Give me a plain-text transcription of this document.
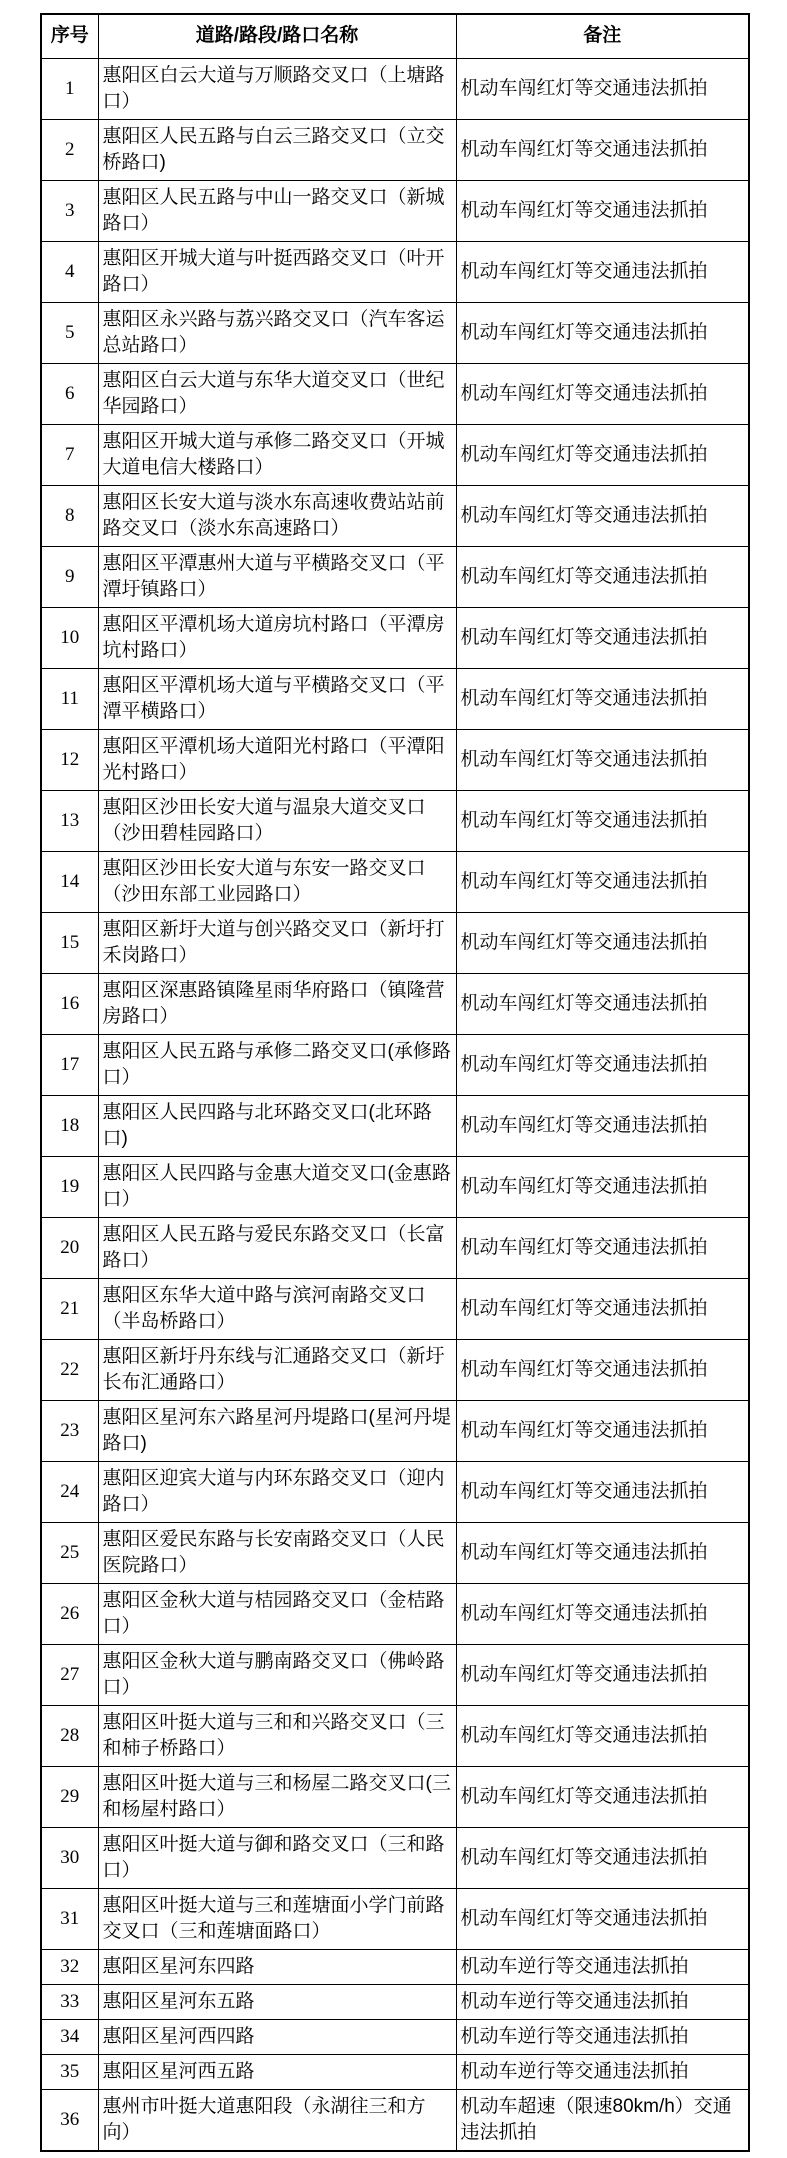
序号	道路/路段/路口名称	备注
1	惠阳区白云大道与万顺路交叉口（上塘路口）	机动车闯红灯等交通违法抓拍
2	惠阳区人民五路与白云三路交叉口（立交桥路口)	机动车闯红灯等交通违法抓拍
3	惠阳区人民五路与中山一路交叉口（新城路口）	机动车闯红灯等交通违法抓拍
4	惠阳区开城大道与叶挺西路交叉口（叶开路口）	机动车闯红灯等交通违法抓拍
5	惠阳区永兴路与荔兴路交叉口（汽车客运总站路口）	机动车闯红灯等交通违法抓拍
6	惠阳区白云大道与东华大道交叉口（世纪华园路口）	机动车闯红灯等交通违法抓拍
7	惠阳区开城大道与承修二路交叉口（开城大道电信大楼路口）	机动车闯红灯等交通违法抓拍
8	惠阳区长安大道与淡水东高速收费站站前路交叉口（淡水东高速路口）	机动车闯红灯等交通违法抓拍
9	惠阳区平潭惠州大道与平横路交叉口（平潭圩镇路口）	机动车闯红灯等交通违法抓拍
10	惠阳区平潭机场大道房坑村路口（平潭房坑村路口）	机动车闯红灯等交通违法抓拍
11	惠阳区平潭机场大道与平横路交叉口（平潭平横路口）	机动车闯红灯等交通违法抓拍
12	惠阳区平潭机场大道阳光村路口（平潭阳光村路口）	机动车闯红灯等交通违法抓拍
13	惠阳区沙田长安大道与温泉大道交叉口（沙田碧桂园路口）	机动车闯红灯等交通违法抓拍
14	惠阳区沙田长安大道与东安一路交叉口（沙田东部工业园路口）	机动车闯红灯等交通违法抓拍
15	惠阳区新圩大道与创兴路交叉口（新圩打禾岗路口）	机动车闯红灯等交通违法抓拍
16	惠阳区深惠路镇隆星雨华府路口（镇隆营房路口）	机动车闯红灯等交通违法抓拍
17	惠阳区人民五路与承修二路交叉口(承修路口）	机动车闯红灯等交通违法抓拍
18	惠阳区人民四路与北环路交叉口(北环路口)	机动车闯红灯等交通违法抓拍
19	惠阳区人民四路与金惠大道交叉口(金惠路口）	机动车闯红灯等交通违法抓拍
20	惠阳区人民五路与爱民东路交叉口（长富路口）	机动车闯红灯等交通违法抓拍
21	惠阳区东华大道中路与滨河南路交叉口（半岛桥路口）	机动车闯红灯等交通违法抓拍
22	惠阳区新圩丹东线与汇通路交叉口（新圩长布汇通路口）	机动车闯红灯等交通违法抓拍
23	惠阳区星河东六路星河丹堤路口(星河丹堤路口)	机动车闯红灯等交通违法抓拍
24	惠阳区迎宾大道与内环东路交叉口（迎内路口）	机动车闯红灯等交通违法抓拍
25	惠阳区爱民东路与长安南路交叉口（人民医院路口）	机动车闯红灯等交通违法抓拍
26	惠阳区金秋大道与桔园路交叉口（金桔路口）	机动车闯红灯等交通违法抓拍
27	惠阳区金秋大道与鹏南路交叉口（佛岭路口）	机动车闯红灯等交通违法抓拍
28	惠阳区叶挺大道与三和和兴路交叉口（三和柿子桥路口）	机动车闯红灯等交通违法抓拍
29	惠阳区叶挺大道与三和杨屋二路交叉口(三和杨屋村路口）	机动车闯红灯等交通违法抓拍
30	惠阳区叶挺大道与御和路交叉口（三和路口）	机动车闯红灯等交通违法抓拍
31	惠阳区叶挺大道与三和莲塘面小学门前路交叉口（三和莲塘面路口）	机动车闯红灯等交通违法抓拍
32	惠阳区星河东四路	机动车逆行等交通违法抓拍
33	惠阳区星河东五路	机动车逆行等交通违法抓拍
34	惠阳区星河西四路	机动车逆行等交通违法抓拍
35	惠阳区星河西五路	机动车逆行等交通违法抓拍
36	惠州市叶挺大道惠阳段（永湖往三和方向）	机动车超速（限速80km/h）交通违法抓拍
